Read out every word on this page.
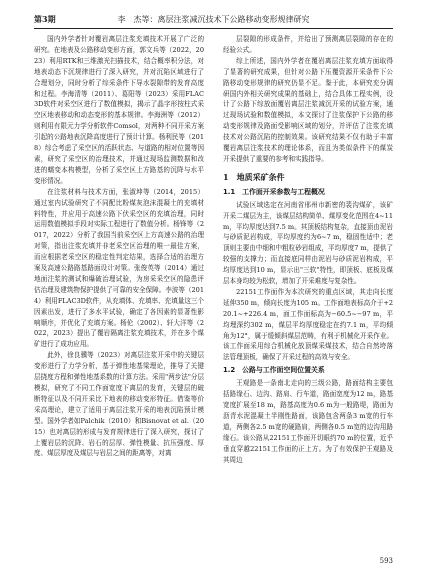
第3期	李　杰等：离层注浆减沉技术下公路移动变形规律研究

国内外学者针对覆岩离层注浆充填技术开展了广泛的研究。在地表及公路移动变形方面，郭文兵等（2022，2023）利用RTK和三维激光扫描技术，结合概率积分法，对地表动态下沉规律进行了深入研究，并对沉陷区域进行了合理划分，同时分析了综采条件下导水裂隙带的发育高度和过程。李海清等（2011）、葛阳等（2023）采用FLAC3D软件对采空区进行了数值模拟，揭示了晶字形按柱式采空区地表移动和动态变形的基本规律。李海洲等（2012）则利用有限元力学分析软件Comsol，对两种不同开采方案引起的公路地表沉降高度进行了预计计算。杨利民等（2018）综合考虑了采空区的活跃状态、与道路的相对位置等因素，研究了采空区的治理技术，并通过现场监测数据和改进的蠕变本构模型，分析了采空区上方路基的沉降与水平变形情况。

在注浆材料与技术方面，张淑坤等（2014，2015）通过室内试验研究了不同配比粉煤灰泡沫混凝土的充填材料特性，并应用于高速公路下伏采空区的充填治理，同时运用数值模拟手段对实际工程进行了数值分析。杨锋等（2017，2022）分析了我国当前采空区上方高速公路的治理对策，指出注浆充填并非老采空区治理的唯一最佳方案，而应根据老采空区的稳定性判定结果，选择合适的治理方案及高速公路路基路面设计对策。张俊英等（2014）通过地面注浆的测试和爆破治理试验，为房采采空区的隐患评估治理及建筑物保护提供了可靠的安全保障。李波等（2014）利用FLAC3D软件，从充填体、充填率、充填量这三个因素出发，进行了多水平试验，确定了各因素的显著性影响顺序，并优化了充填方案。杨伦（2002）、轩大洋等（2022，2023）提出了覆岩隔离注浆充填技术，并在多个煤矿进行了成功应用。

此外，徐良骥等（2023）对离层注浆开采中的关键层变形进行了力学分析，基于弹性地基梁理论，推导了关键层挠度方程和弹性地基系数的计算方法。采用"两步法"分层模拟，研究了不同工作面宽度下离层的发育，关键层的破断特征以及不同开采比下地表的移动变形特征。借鉴等价采高理论，建立了适用于离层注浆开采的地表沉陷预计模型。国外学者如Palchik（2010）和Bisnovat et al.（2015）也对离层的形成与发育规律进行了深入研究，探讨了上覆岩层的沉降、岩石的层厚、弹性模量、抗压强度、厚度、煤层厚度及煤层与岩层之间的距离等，对离

层裂隙的形成条件，并给出了预测离层裂隙的存在的经验公式。

综上所述，国内外学者在覆岩离层注浆充填方面取得了显著的研究成果，但针对公路下压覆资源开采条件下公路移动变形规律的研究仍显不足。鉴于此，本研究充分调研国内外相关研究成果的基础上，结合具体工程实例，设计了公路下综放面覆岩离层注浆减沉开采的试验方案，通过现场试验和数值模拟，本文探讨了注浆保护下公路的移动变形规律及路面受影响区域的划分，并评估了注浆充填技术对公路沉陷的控制效果。该研究结果不仅有助于丰富覆岩离层注浆技术的理论体系，而且为类似条件下的煤炭开采提供了重要的参考和实践指导。

1　地质采矿条件
1.1　工作面开采参数与工程概况

试验区域选定在河南省邢州市新密的裴沟煤矿，该矿开采二煤层为主，该煤层结构简单、煤厚变化范围在4~11 m，平均厚度达到7.5 m。其顶板结构复杂，直接顶由泥岩与砂质泥岩构成，平均厚度约为6~7 m，稳固性适中；老顶则主要由中细和中粗粒砂岩组成，平均厚度7 m，提供了较强的支撑力；而直接底同样由泥岩与砂质泥岩构成，平均厚度达到10 m，显示出"三软"特性，即顶板、底板及煤层本身均较为松软，增加了开采难度与复杂性。

22151工作面作为本次研究的重点区域，其走向长度延伸350 m，倾向长度为105 m。工作面地表标高介于+220.1~+226.4 m，面工作面标高为−60.5~−97 m，平均埋深约302 m，煤层平均厚度稳定在约7.1 m，平均倾角为12°，属于缓倾斜煤层范畴，有利于机械化开采作业。该工作面采用综合机械化放顶煤采煤技术，结合自然垮落法管理顶板，确保了开采过程的高效与安全。

1.2　公路与工作面空间位置关系

王观路是一条南北走向的三级公路，路面结构主要包括路缘石、边沟、路肩、行车道，路面宽度为12 m，路基宽度扩展至18 m，路基高度为0.6 m为一般路堤，路面为沥青水泥混凝土半刚性路面，该路包含两条3 m宽的行车道，两侧各2.5 m宽的硬路肩，两侧各0.5 m宽的边沟用路缘石。该公路从22151工作面开切眼约70 m的位置，近乎垂直穿越22151工作面的正上方。为了有效保护王观路及其周边

593
